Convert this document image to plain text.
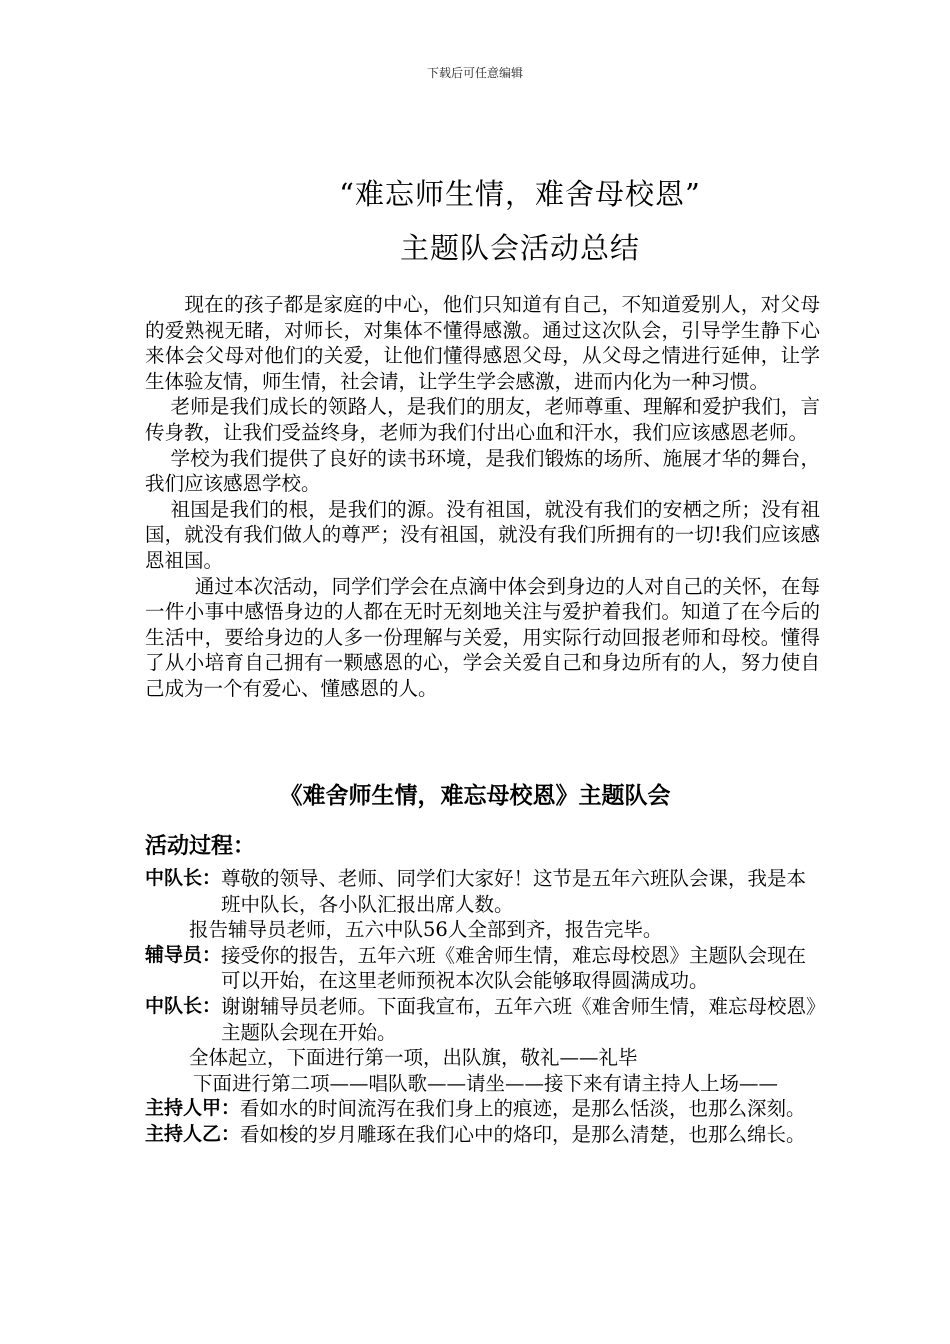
下载后可任意编辑
“难忘师生情，难舍母校恩”
主题队会活动总结

现在的孩子都是家庭的中心，他们只知道有自己，不知道爱别人，对父母的爱熟视无睹，对师长，对集体不懂得感激。通过这次队会，引导学生静下心来体会父母对他们的关爱，让他们懂得感恩父母，从父母之情进行延伸，让学生体验友情，师生情，社会请，让学生学会感激，进而内化为一种习惯。

老师是我们成长的领路人，是我们的朋友，老师尊重、理解和爱护我们，言传身教，让我们受益终身，老师为我们付出心血和汗水，我们应该感恩老师。

学校为我们提供了良好的读书环境，是我们锻炼的场所、施展才华的舞台，我们应该感恩学校。

祖国是我们的根，是我们的源。没有祖国，就没有我们的安栖之所；没有祖国，就没有我们做人的尊严；没有祖国，就没有我们所拥有的一切!我们应该感恩祖国。

通过本次活动，同学们学会在点滴中体会到身边的人对自己的关怀，在每一件小事中感悟身边的人都在无时无刻地关注与爱护着我们。知道了在今后的生活中，要给身边的人多一份理解与关爱，用实际行动回报老师和母校。懂得了从小培育自己拥有一颗感恩的心，学会关爱自己和身边所有的人，努力使自己成为一个有爱心、懂感恩的人。

《难舍师生情，难忘母校恩》主题队会
活动过程：
中队长： 尊敬的领导、老师、同学们大家好！这节是五年六班队会课，我是本班中队长，各小队汇报出席人数。
报告辅导员老师，五六中队56人全部到齐，报告完毕。
辅导员： 接受你的报告，五年六班《难舍师生情，难忘母校恩》主题队会现在可以开始，在这里老师预祝本次队会能够取得圆满成功。
中队长： 谢谢辅导员老师。下面我宣布，五年六班《难舍师生情，难忘母校恩》主题队会现在开始。
全体起立，下面进行第一项，出队旗，敬礼——礼毕
下面进行第二项——唱队歌——请坐——接下来有请主持人上场——
主持人甲： 看如水的时间流泻在我们身上的痕迹，是那么恬淡，也那么深刻。
主持人乙： 看如梭的岁月雕琢在我们心中的烙印，是那么清楚，也那么绵长。
